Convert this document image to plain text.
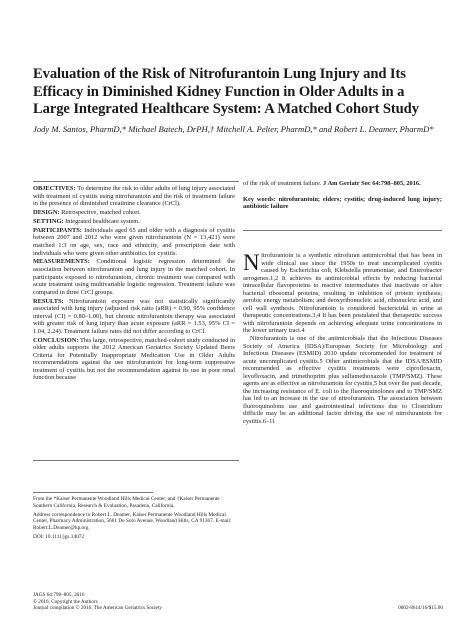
Evaluation of the Risk of Nitrofurantoin Lung Injury and Its Efficacy in Diminished Kidney Function in Older Adults in a Large Integrated Healthcare System: A Matched Cohort Study
Jody M. Santos, PharmD,* Michael Batech, DrPH,† Mitchell A. Pelter, PharmD,* and Robert L. Deamer, PharmD*

OBJECTIVES: To determine the risk to older adults of lung injury associated with treatment of cystitis using nitrofurantoin and the risk of treatment failure in the presence of diminished creatinine clearance (CrCl).

DESIGN: Retrospective, matched cohort.

SETTING: Integrated healthcare system.

PARTICIPANTS: Individuals aged 65 and older with a diagnosis of cystitis between 2007 and 2012 who were given nitrofurantoin (N = 13,421) were matched 1:3 on age, sex, race and ethnicity, and prescription date with individuals who were given other antibiotics for cystitis.

MEASUREMENTS: Conditional logistic regression determined the association between nitrofurantoin and lung injury in the matched cohort. In participants exposed to nitrofurantoin, chronic treatment was compared with acute treatment using multivariable logistic regression. Treatment failure was compared in three CrCl groups.

RESULTS: Nitrofurantoin exposure was not statistically significantly associated with lung injury (adjusted risk ratio (aRR) = 0.90, 95% confidence interval (CI) = 0.80–1.00), but chronic nitrofurantoin therapy was associated with greater risk of lung injury than acute exposure (aRR = 1.53, 95% CI = 1.04, 2.24). Treatment failure rates did not differ according to CrCl.

CONCLUSION: This large, retrospective, matched-cohort study conducted in older adults supports the 2012 American Geriatrics Society Updated Beers Criteria for Potentially Inappropriate Medication Use in Older Adults recommendations against the use nitrofurantoin for long-term suppressive treatment of cystitis but not the recommendation against its use in poor renal function because

of the risk of treatment failure. J Am Geriatr Soc 64:798–805, 2016.

Key words: nitrofurantoin; elders; cystitis; drug-induced lung injury; antibiotic failure

Nitrofurantoin is a synthetic nitrofuran antimicrobial that has been in wide clinical use since the 1950s to treat uncomplicated cystitis caused by Escherichia coli, Klebsiella pneumoniae, and Enterobacter aerogenes.1,2 It achieves its antimicrobial effects by reducing bacterial intracellular flavoproteins to reactive intermediates that inactivate or alter bacterial ribosomal proteins, resulting in inhibition of protein synthesis; aerobic energy metabolism; and deoxyribonucleic acid, ribonucleic acid, and cell wall synthesis. Nitrofurantoin is considered bactericidal in urine at therapeutic concentrations.3,4 It has been postulated that therapeutic success with nitrofurantoin depends on achieving adequate urine concentrations in the lower urinary tract.4

Nitrofurantoin is one of the antimicrobials that the Infectious Diseases Society of America (IDSA)/European Society for Microbiology and Infectious Diseases (ESMID) 2010 update recommended for treatment of acute uncomplicated cystitis.5 Other antimicrobials that the IDSA/ESMID recommended as effective cystitis treatments were ciprofloxacin, levofloxacin, and trimethoprim plus sulfamethoxazole (TMP/SMZ). These agents are as effective as nitrofurantoin for cystitis,5 but over the past decade, the increasing resistance of E. coli to the fluoroquinolones and to TMP/SMZ has led to an increase in the use of nitrofurantoin. The association between fluoroquinolone use and gastrointestinal infections due to Clostridium difficile may be an additional factor driving the use of nitrofurantoin for cystitis.6–11

From the *Kaiser Permanente Woodland Hills Medical Center; and †Kaiser Permanente Southern California, Research & Evaluation, Pasadena, California.

Address correspondence to Robert L. Deamer, Kaiser Permanente Woodland Hills Medical Center, Pharmacy Administration, 5601 De Soto Avenue, Woodland Hills, CA 91367. E-mail: Robert.L.Deamer@kp.org

DOI: 10.1111/jgs.14072

JAGS 64:798–805, 2016
© 2016, Copyright the Authors
Journal compilation © 2016, The American Geriatrics Society	0002-8614/16/$15.00
